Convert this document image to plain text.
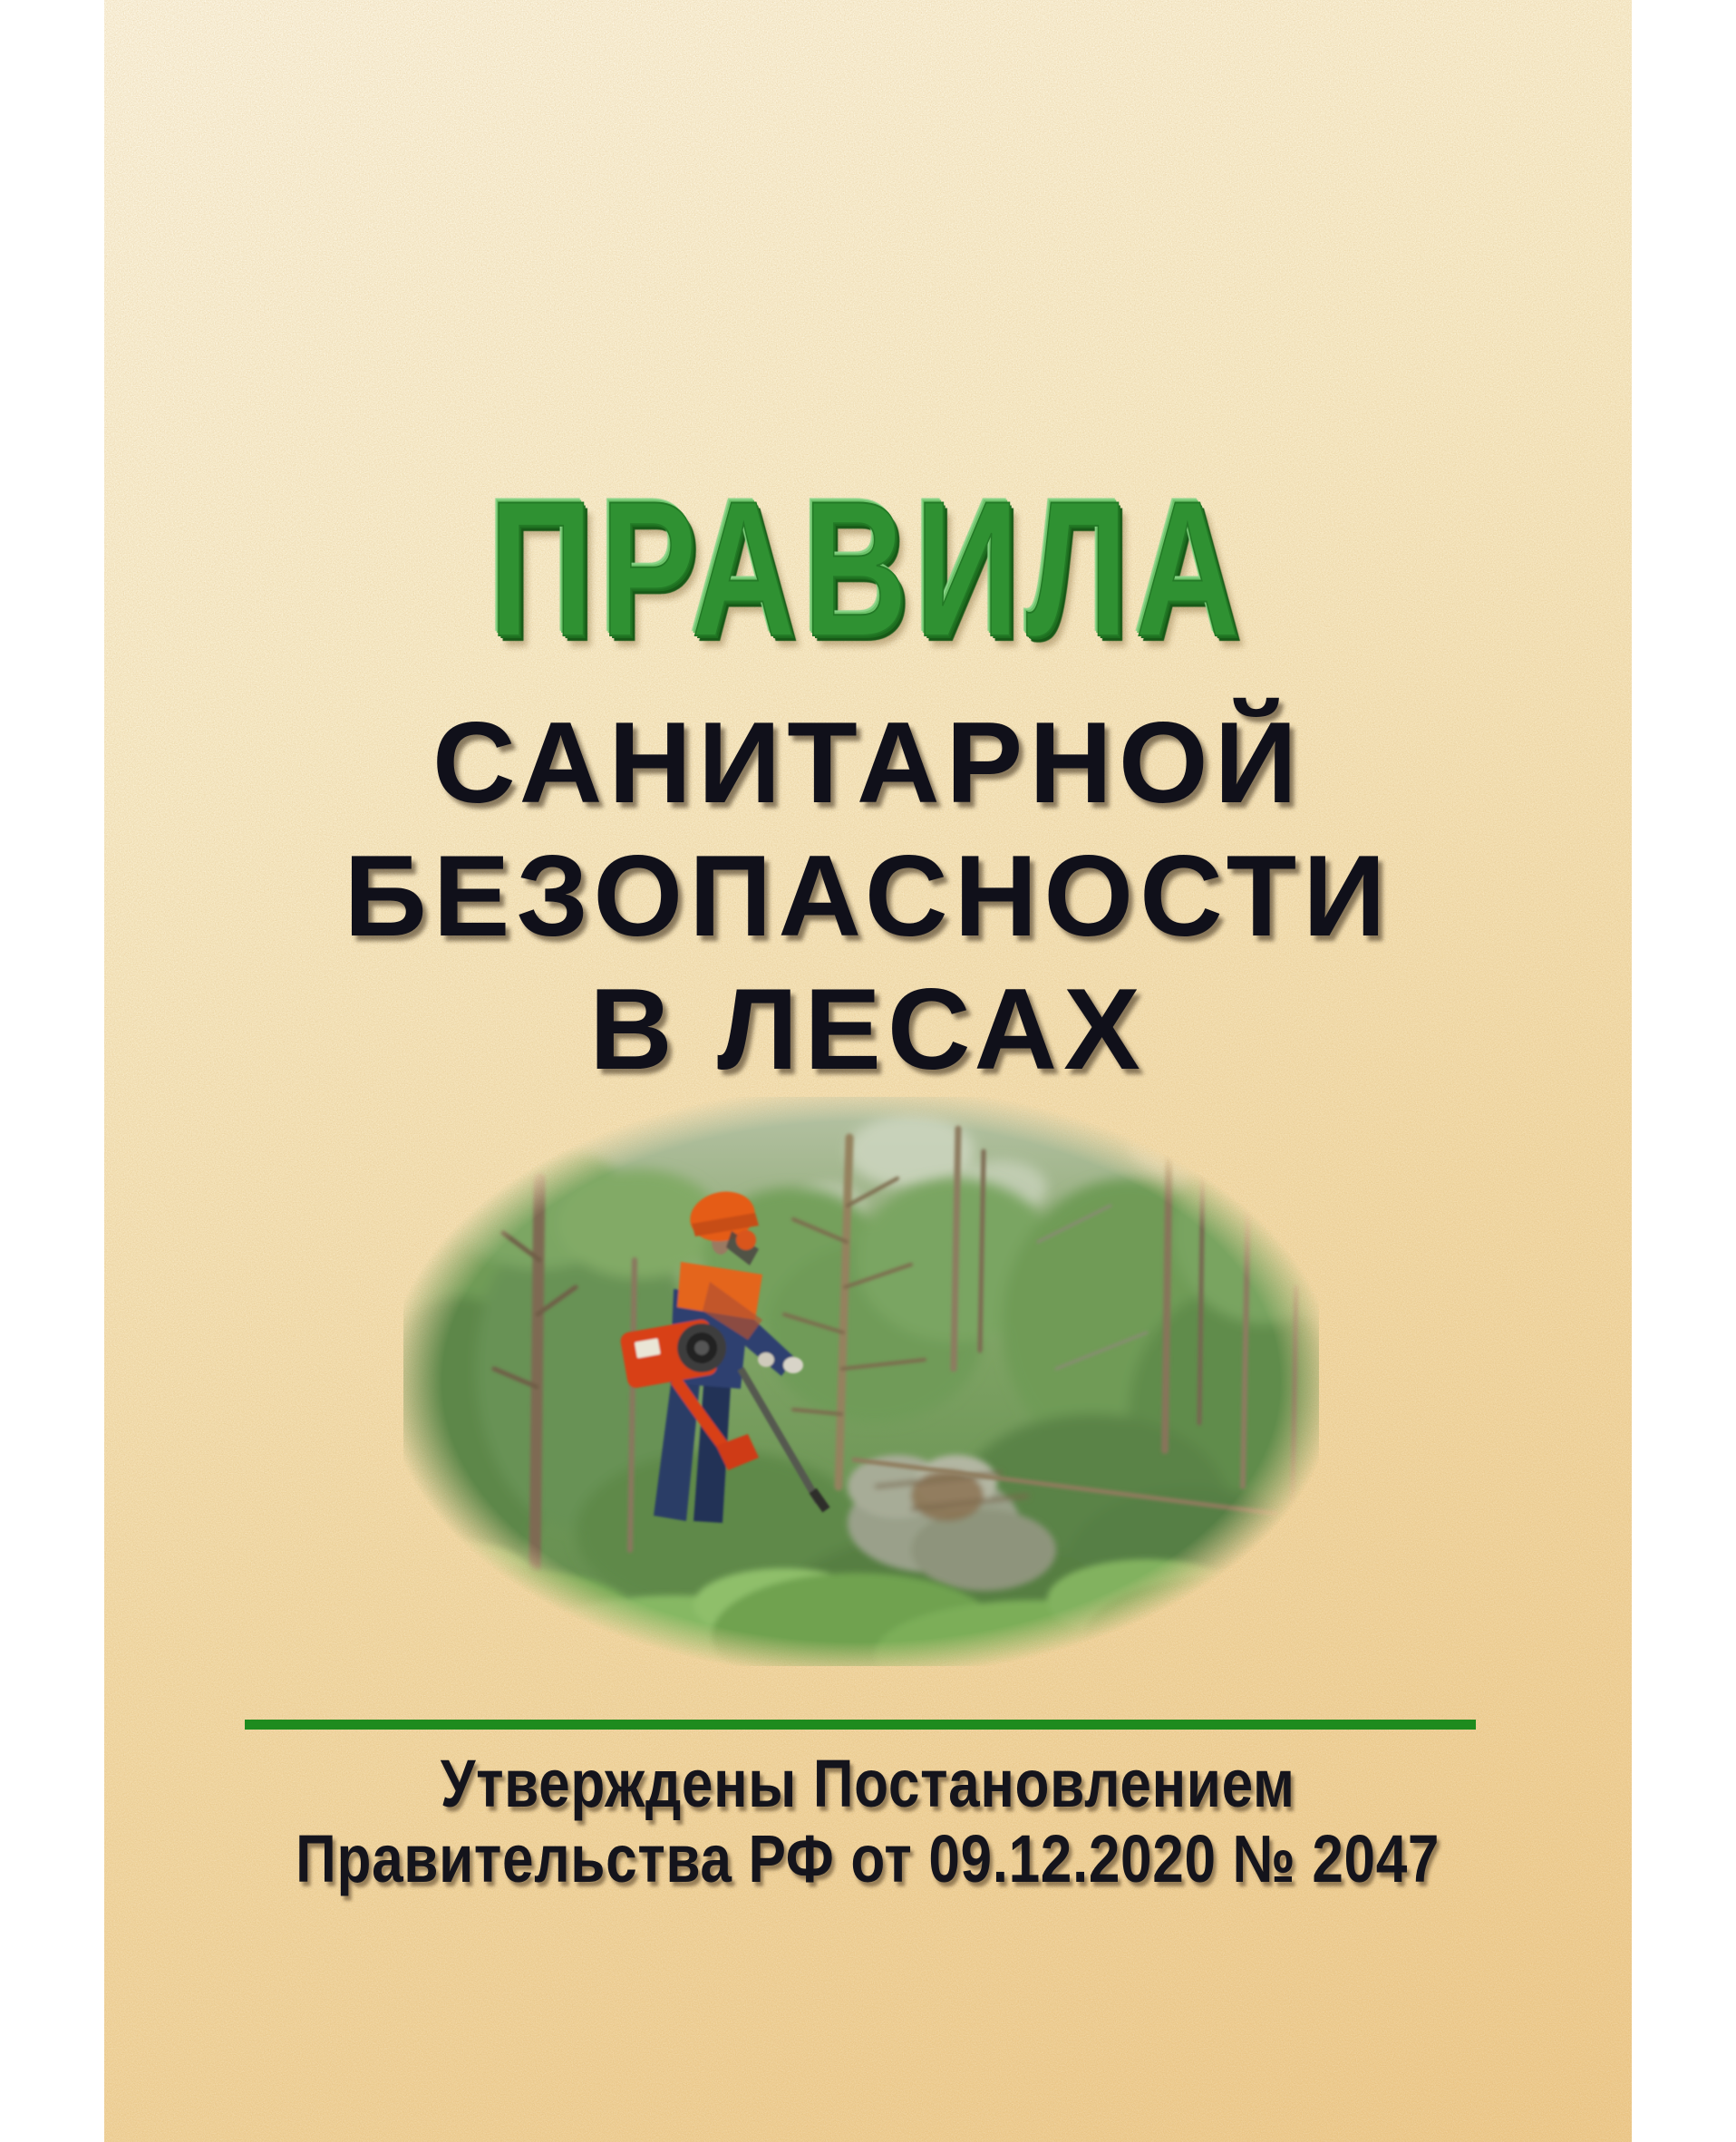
ПРАВИЛА
САНИТАРНОЙ
БЕЗОПАСНОСТИ
В ЛЕСАХ
Утверждены Постановлением
Правительства РФ от 09.12.2020 № 2047
